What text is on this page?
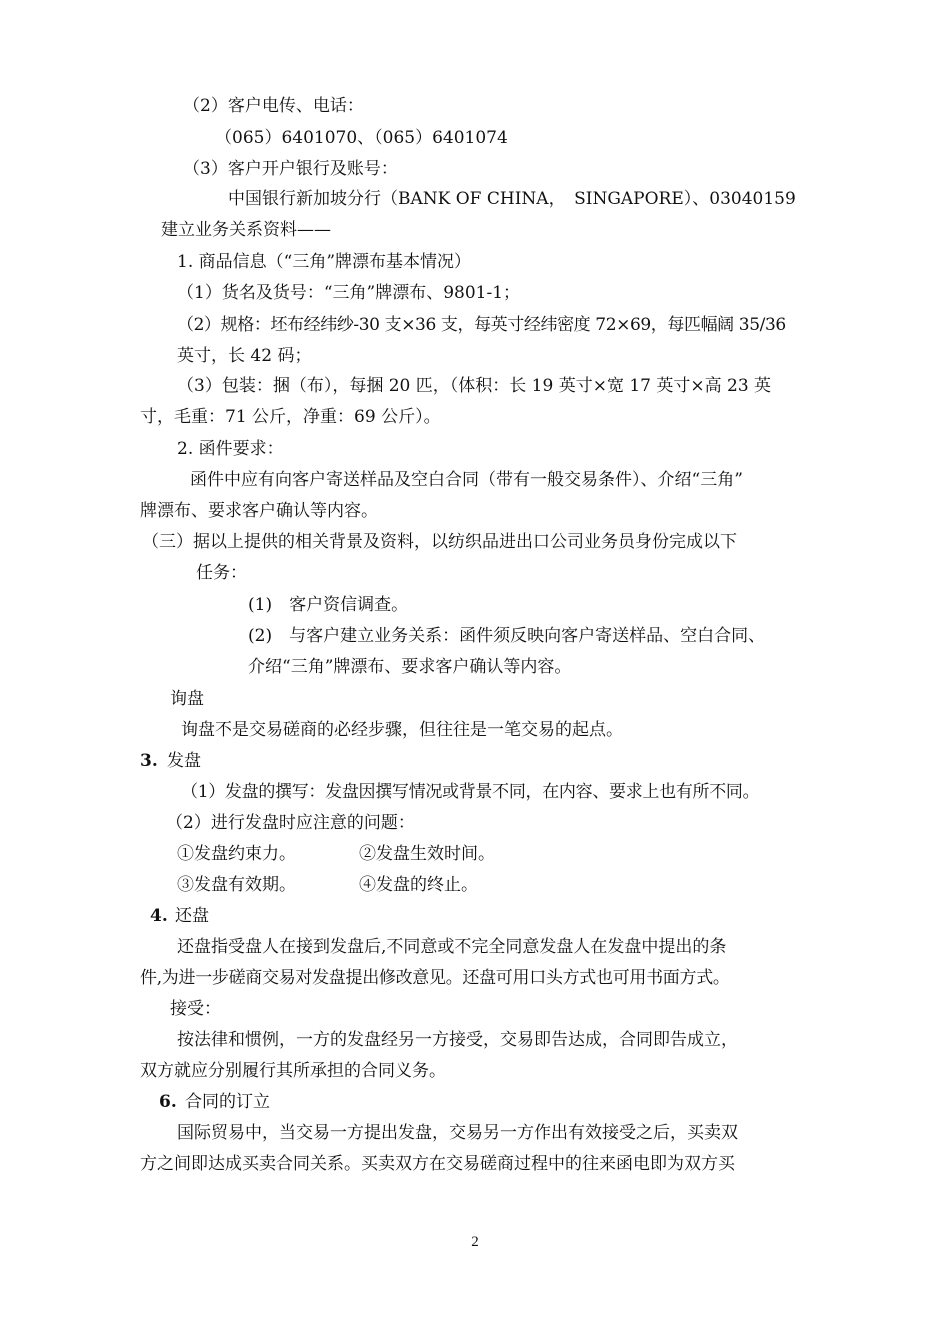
（2）客户电传、电话：
（065）6401070、（065）6401074
（3）客户开户银行及账号：
中国银行新加坡分行（BANK OF CHINA，　SINGAPORE）、03040159
建立业务关系资料——
1. 商品信息（“三角”牌漂布基本情况）
（1）货名及货号：“三角”牌漂布、9801-1；
（2）规格：坯布经纬纱-30 支×36 支，每英寸经纬密度 72×69，每匹幅阔 35/36
英寸，长 42 码；
（3）包装：捆（布），每捆 20 匹，（体积：长 19 英寸×宽 17 英寸×高 23 英
寸，毛重：71 公斤，净重：69 公斤）。
2. 函件要求：
函件中应有向客户寄送样品及空白合同（带有一般交易条件）、介绍“三角”
牌漂布、要求客户确认等内容。
（三）据以上提供的相关背景及资料，以纺织品进出口公司业务员身份完成以下
任务：
(1)　客户资信调查。
(2)　与客户建立业务关系：函件须反映向客户寄送样品、空白合同、
介绍“三角”牌漂布、要求客户确认等内容。
询盘
询盘不是交易磋商的必经步骤，但往往是一笔交易的起点。
3. 发盘
（1）发盘的撰写：发盘因撰写情况或背景不同，在内容、要求上也有所不同。
（2）进行发盘时应注意的问题：
①发盘约束力。	②发盘生效时间。
③发盘有效期。	④发盘的终止。
4. 还盘
还盘指受盘人在接到发盘后,不同意或不完全同意发盘人在发盘中提出的条
件,为进一步磋商交易对发盘提出修改意见。还盘可用口头方式也可用书面方式。
接受：
按法律和惯例，一方的发盘经另一方接受，交易即告达成，合同即告成立，
双方就应分别履行其所承担的合同义务。
6. 合同的订立
国际贸易中，当交易一方提出发盘，交易另一方作出有效接受之后，买卖双
方之间即达成买卖合同关系。买卖双方在交易磋商过程中的往来函电即为双方买
2
